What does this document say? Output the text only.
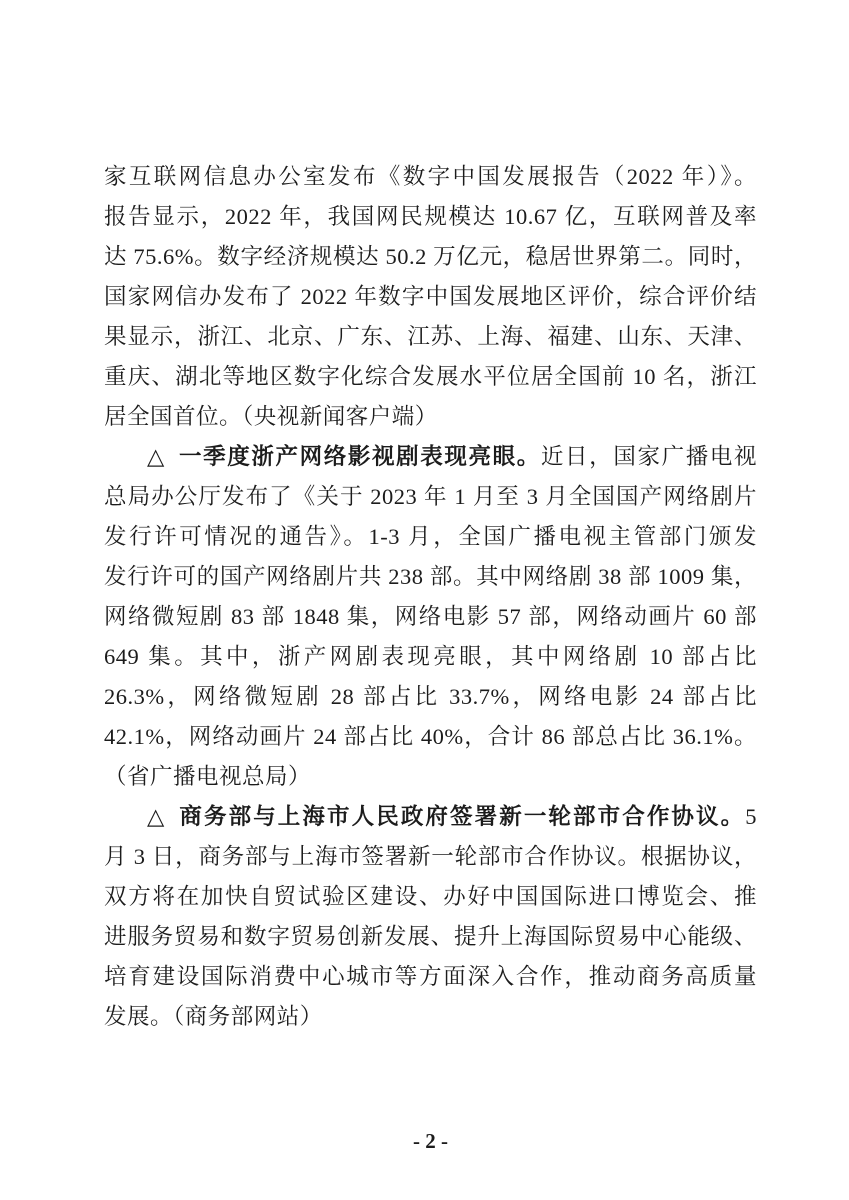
家互联网信息办公室发布《数字中国发展报告（2022 年）》。
报告显示，2022 年，我国网民规模达 10.67 亿，互联网普及率
达 75.6%。数字经济规模达 50.2 万亿元，稳居世界第二。同时，
国家网信办发布了 2022 年数字中国发展地区评价，综合评价结
果显示，浙江、北京、广东、江苏、上海、福建、山东、天津、
重庆、湖北等地区数字化综合发展水平位居全国前 10 名，浙江
居全国首位。（央视新闻客户端）
△ 一季度浙产网络影视剧表现亮眼。近日，国家广播电视
总局办公厅发布了《关于 2023 年 1 月至 3 月全国国产网络剧片
发行许可情况的通告》。1-3 月，全国广播电视主管部门颁发
发行许可的国产网络剧片共 238 部。其中网络剧 38 部 1009 集，
网络微短剧 83 部 1848 集，网络电影 57 部，网络动画片 60 部
649 集。其中，浙产网剧表现亮眼，其中网络剧 10 部占比
26.3%，网络微短剧 28 部占比 33.7%，网络电影 24 部占比
42.1%，网络动画片 24 部占比 40%，合计 86 部总占比 36.1%。
（省广播电视总局）
△ 商务部与上海市人民政府签署新一轮部市合作协议。5
月 3 日，商务部与上海市签署新一轮部市合作协议。根据协议，
双方将在加快自贸试验区建设、办好中国国际进口博览会、推
进服务贸易和数字贸易创新发展、提升上海国际贸易中心能级、
培育建设国际消费中心城市等方面深入合作，推动商务高质量
发展。（商务部网站）
- 2 -
